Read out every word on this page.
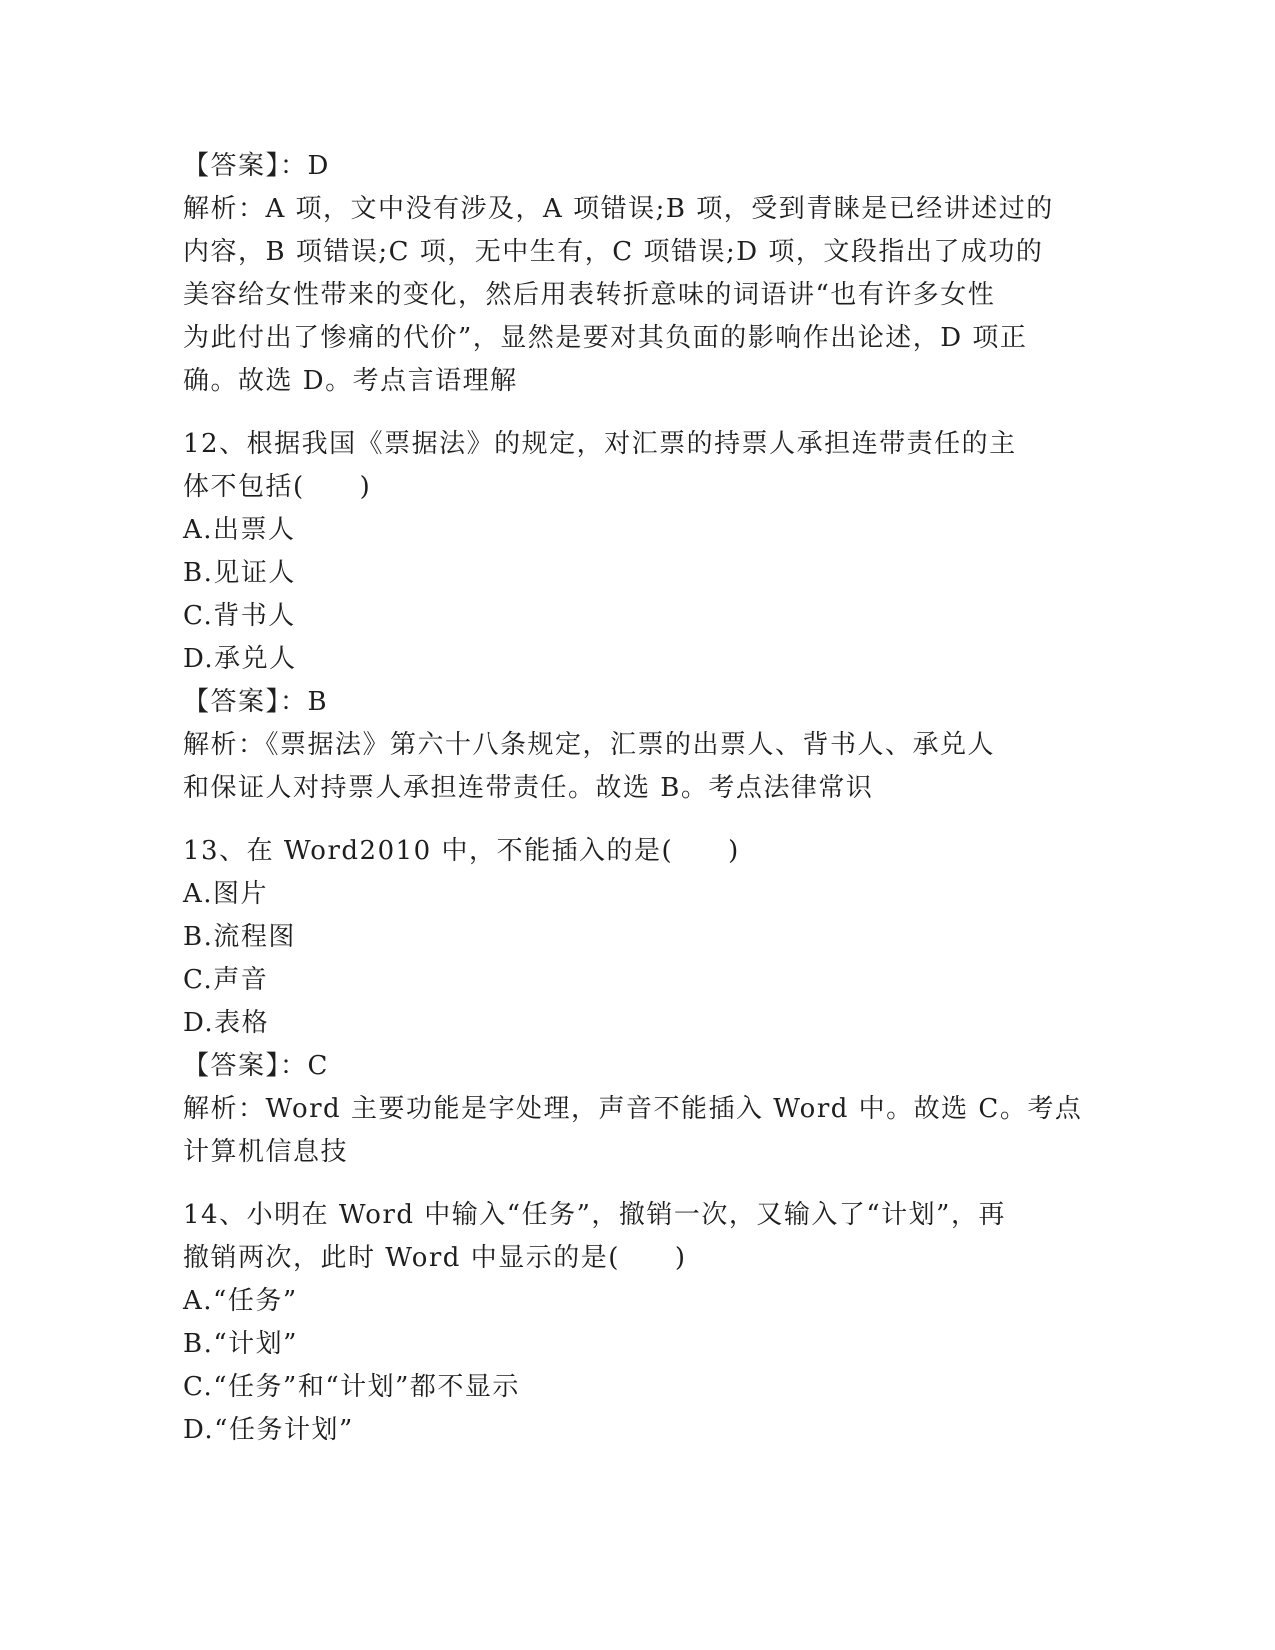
【答案】：D
解析：A 项，文中没有涉及，A 项错误;B 项，受到青睐是已经讲述过的
内容，B 项错误;C 项，无中生有，C 项错误;D 项，文段指出了成功的
美容给女性带来的变化，然后用表转折意味的词语讲“也有许多女性
为此付出了惨痛的代价”，显然是要对其负面的影响作出论述，D 项正
确。故选 D。考点言语理解
12、根据我国《票据法》的规定，对汇票的持票人承担连带责任的主
体不包括(　　)
A.出票人
B.见证人
C.背书人
D.承兑人
【答案】：B
解析：《票据法》第六十八条规定，汇票的出票人、背书人、承兑人
和保证人对持票人承担连带责任。故选 B。考点法律常识
13、在 Word2010 中，不能插入的是(　　)
A.图片
B.流程图
C.声音
D.表格
【答案】：C
解析：Word 主要功能是字处理，声音不能插入 Word 中。故选 C。考点
计算机信息技
14、小明在 Word 中输入“任务”，撤销一次，又输入了“计划”，再
撤销两次，此时 Word 中显示的是(　　)
A.“任务”
B.“计划”
C.“任务”和“计划”都不显示
D.“任务计划”
